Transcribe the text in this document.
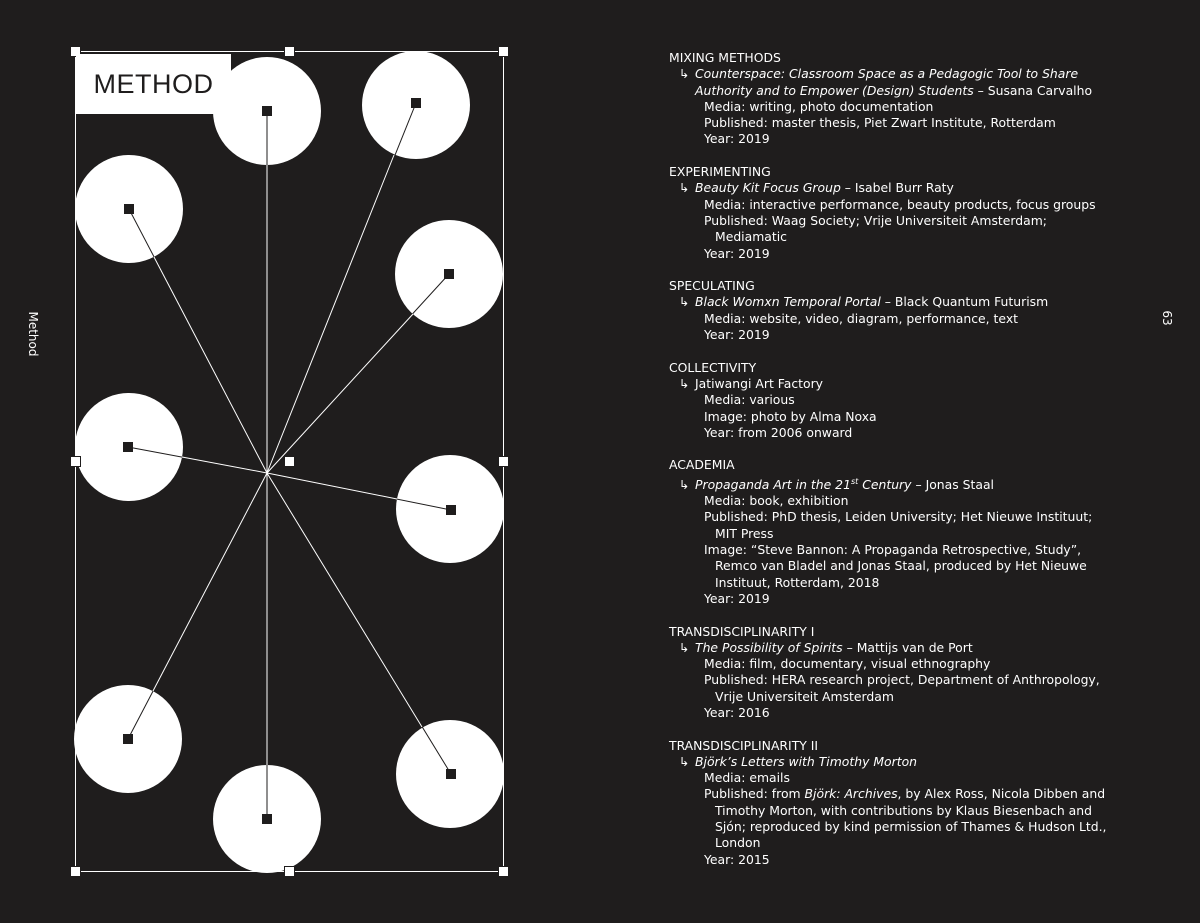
METHOD
Method	63
MIXING METHODS
↳ Counterspace: Classroom Space as a Pedagogic Tool to Share
Authority and to Empower (Design) Students – Susana Carvalho
Media: writing, photo documentation
Published: master thesis, Piet Zwart Institute, Rotterdam
Year: 2019
EXPERIMENTING
↳ Beauty Kit Focus Group – Isabel Burr Raty
Media: interactive performance, beauty products, focus groups
Published: Waag Society; Vrije Universiteit Amsterdam;
Mediamatic
Year: 2019
SPECULATING
↳ Black Womxn Temporal Portal – Black Quantum Futurism
Media: website, video, diagram, performance, text
Year: 2019
COLLECTIVITY
↳ Jatiwangi Art Factory
Media: various
Image: photo by Alma Noxa
Year: from 2006 onward
ACADEMIA
↳ Propaganda Art in the 21st Century – Jonas Staal
Media: book, exhibition
Published: PhD thesis, Leiden University; Het Nieuwe Instituut;
MIT Press
Image: “Steve Bannon: A Propaganda Retrospective, Study”,
Remco van Bladel and Jonas Staal, produced by Het Nieuwe
Instituut, Rotterdam, 2018
Year: 2019
TRANSDISCIPLINARITY I
↳ The Possibility of Spirits – Mattijs van de Port
Media: film, documentary, visual ethnography
Published: HERA research project, Department of Anthropology,
Vrije Universiteit Amsterdam
Year: 2016
TRANSDISCIPLINARITY II
↳ Björk’s Letters with Timothy Morton
Media: emails
Published: from Björk: Archives, by Alex Ross, Nicola Dibben and
Timothy Morton, with contributions by Klaus Biesenbach and
Sjón; reproduced by kind permission of Thames & Hudson Ltd.,
London
Year: 2015
